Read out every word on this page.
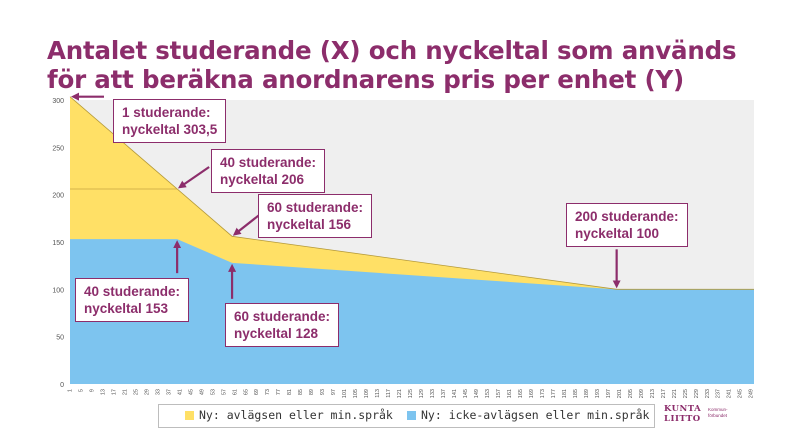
Antalet studerande (X) och nyckeltal som används
för att beräkna anordnarens pris per enhet (Y)
0
50
100
150
200
250
300
1 5 9 13 17 21 25 29 33 37 41 45 49 53 57 61 65 69 73 77 81 85 89 93 97 101 105 109 113 117 121 125 129 133 137 141 145 149 153 157 161 165 169 173 177 181 185 189 193 197 201 205 209 213 217 221 225 229 233 237 241 245 249
1 studerande:
nyckeltal 303,5
40 studerande:
nyckeltal 206
60 studerande:
nyckeltal 156
200 studerande:
nyckeltal 100
40 studerande:
nyckeltal 153
60 studerande:
nyckeltal 128
Ny: avlägsen eller min.språk Ny: icke-avlägsen eller min.språk KUNTA
LIITTO
Kommun-
förbundet
